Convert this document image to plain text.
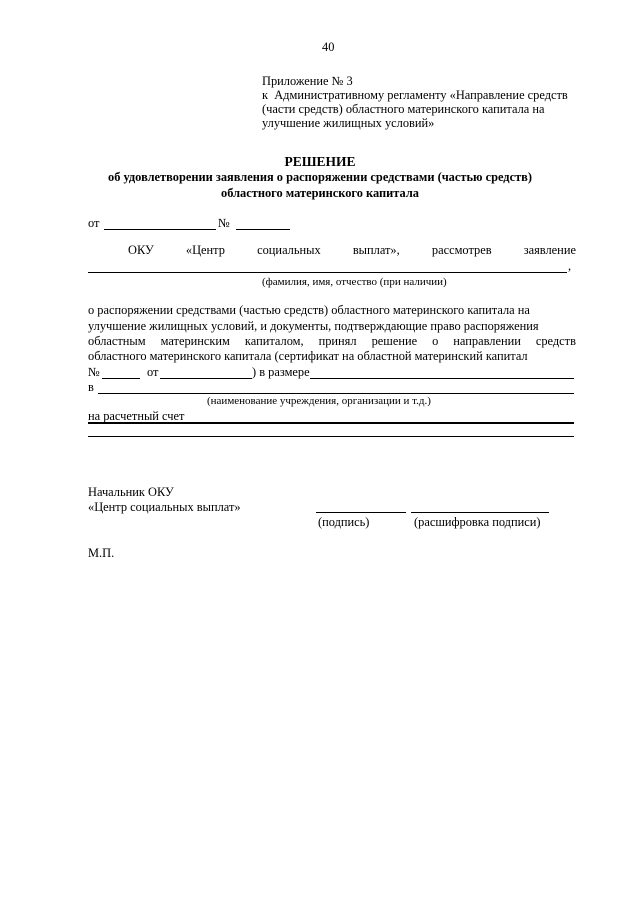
40
Приложение № 3
к Административному регламенту «Направление средств
(части средств) областного материнского капитала на
улучшение жилищных условий»
РЕШЕНИЕ
об удовлетворении заявления о распоряжении средствами (частью средств)
областного материнского капитала
от	№
ОКУ	«Центр	социальных	выплат»,	рассмотрев	заявление
,
(фамилия, имя, отчество (при наличии)
о распоряжении средствами (частью средств) областного материнского капитала на
улучшение жилищных условий, и документы, подтверждающие право распоряжения
областным материнским капиталом, принял решение о направлении средств
областного материнского капитала (сертификат на областной материнский капитал
№	от	) в размере
в
(наименование учреждения, организации и т.д.)
на расчетный счет
Начальник ОКУ
«Центр социальных выплат»
(подпись)	(расшифровка подписи)
М.П.
